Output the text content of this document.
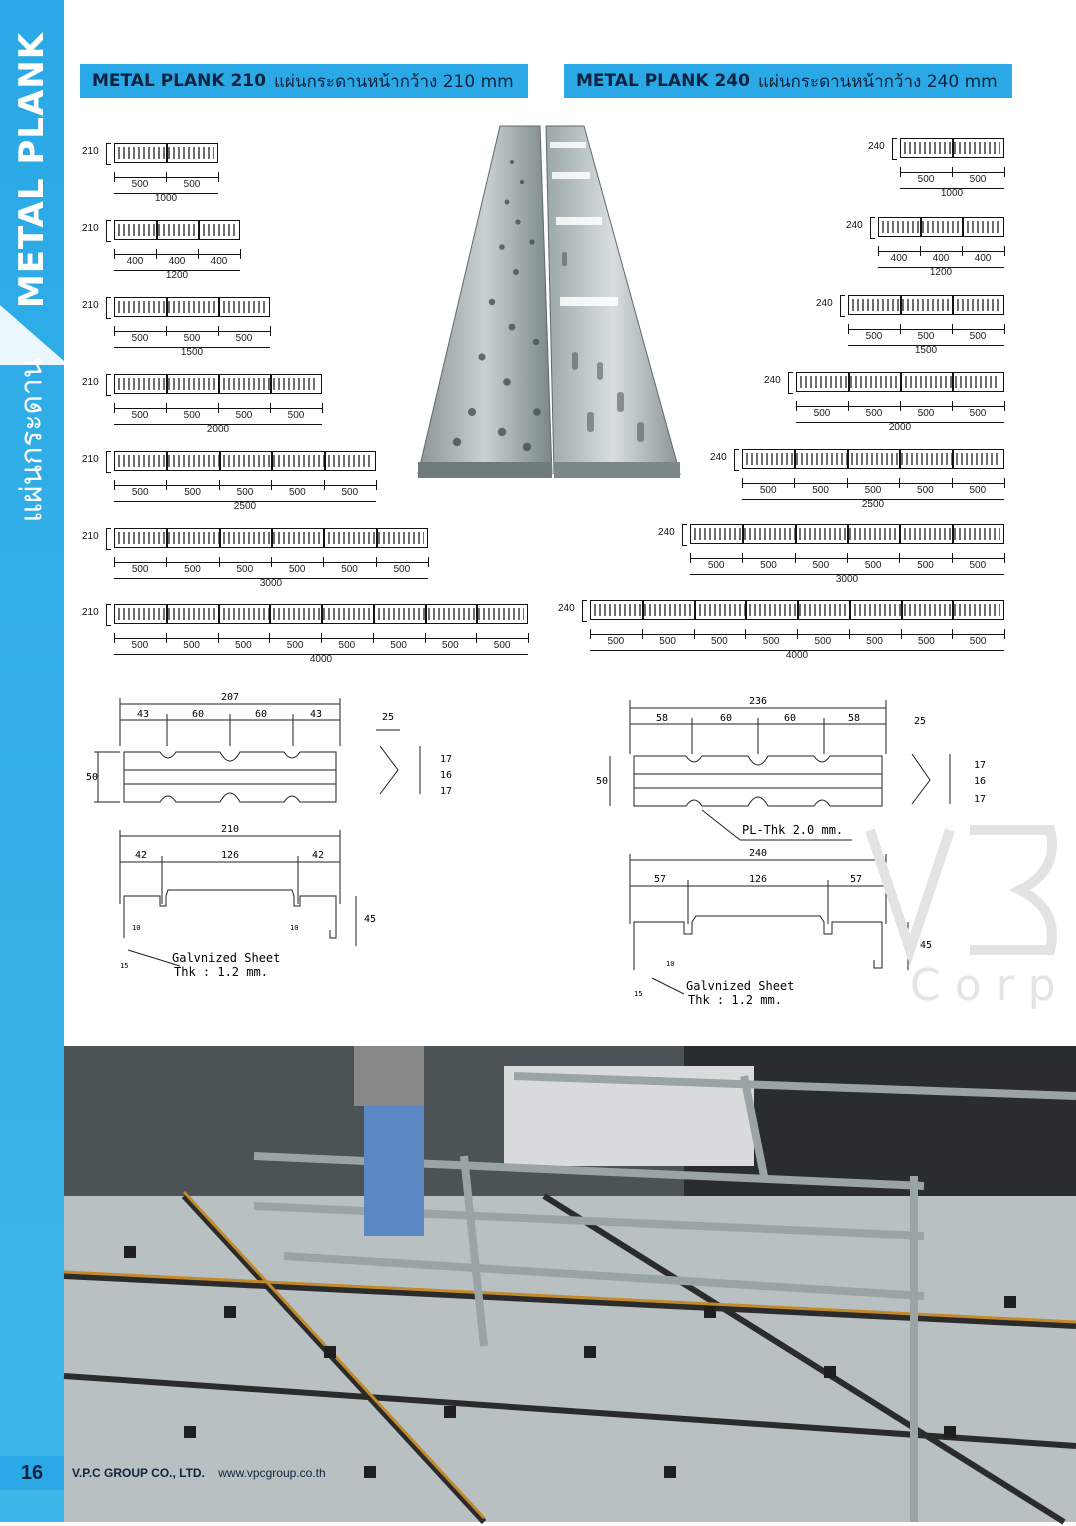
METAL PLANK
แผ่นกระดาน
METAL PLANK 210 แผ่นกระดานหน้ากว้าง 210 mm	METAL PLANK 240 แผ่นกระดานหน้ากว้าง 240 mm
210
500	500
1000
210
400	400	400
1200
210
500	500	500
1500
210
500	500	500	500
2000
210
500	500	500	500	500
2500
210
500	500	500	500	500	500
3000
210
500	500	500	500	500	500	500	500
4000
240
500	500
1000
240
400	400	400
1200
240
500	500	500
1500
240
500	500	500	500
2000
240
500	500	500	500	500
2500
240
500	500	500	500	500	500
3000
240
500	500	500	500	500	500	500	500
4000
207
43	60	60	43
50
25
17
16
17
210
42	126	42
45
10	10
15
Galvnized Sheet
Thk : 1.2 mm.
236
58	60	60	58
50
25
17
16
17
PL-Thk 2.0 mm.
240
57	126	57
45
10
15
Galvnized Sheet
Thk : 1.2 mm.	Corp
16	V.P.C GROUP CO., LTD. www.vpcgroup.co.th
